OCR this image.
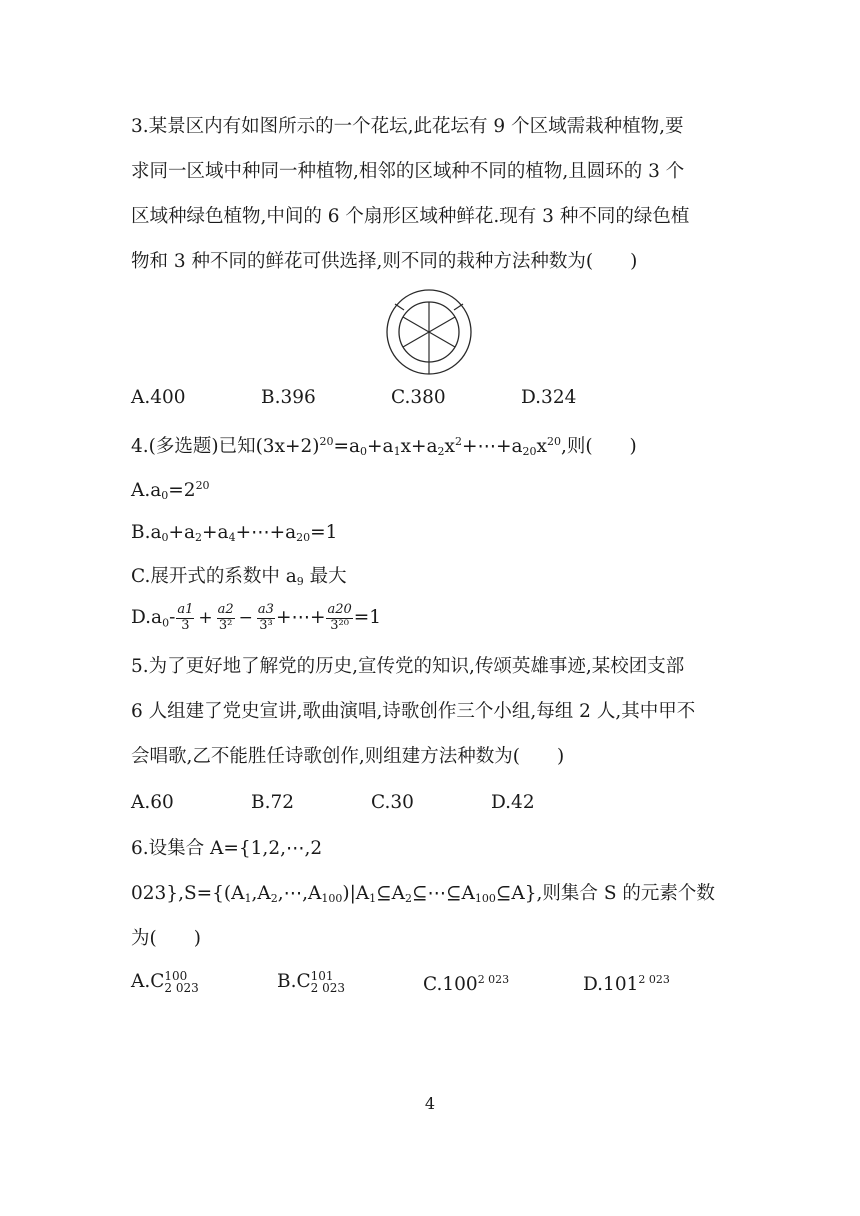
3.某景区内有如图所示的一个花坛,此花坛有 9 个区域需栽种植物,要
求同一区域中种同一种植物,相邻的区域种不同的植物,且圆环的 3 个
区域种绿色植物,中间的 6 个扇形区域种鲜花.现有 3 种不同的绿色植
物和 3 种不同的鲜花可供选择,则不同的栽种方法种数为(　　)
A.400	B.396	C.380	D.324
4.(多选题)已知$(3x+2)^{20}=a_0+a_1x+a_2x^2+\cdots+a_{20}x^{20}$,则(　　)
$A.a_0=2^{20}$
$B.a_0+a_2+a_4+\cdots+a_{20}=1$
C.展开式的系数中 $a_9$ 最大
$D.a_0- \frac{a1}{3} + \frac{a2}{\text{3²}} - \frac{a3}{\text{3³}}$ +⋯+ $\frac{a20}{\text{3²⁰}} =1$
5.为了更好地了解党的历史,宣传党的知识,传颂英雄事迹,某校团支部
6 人组建了党史宣讲,歌曲演唱,诗歌创作三个小组,每组 2 人,其中甲不
会唱歌,乙不能胜任诗歌创作,则组建方法种数为(　　)
A.60	B.72	C.30	D.42
6.设集合 A={1,2,⋯,2
$023\},S=\{(A_1,A_2,\cdots,A_{100})|A_1⊆A_2⊆\cdots⊆A_{100}⊆A\}$,则集合 S 的元素个数
为(　　)
A.C 100
2 023	B.C 101
2 023	$C.100^{2 023}$	$D.101^{2 023}$
4
